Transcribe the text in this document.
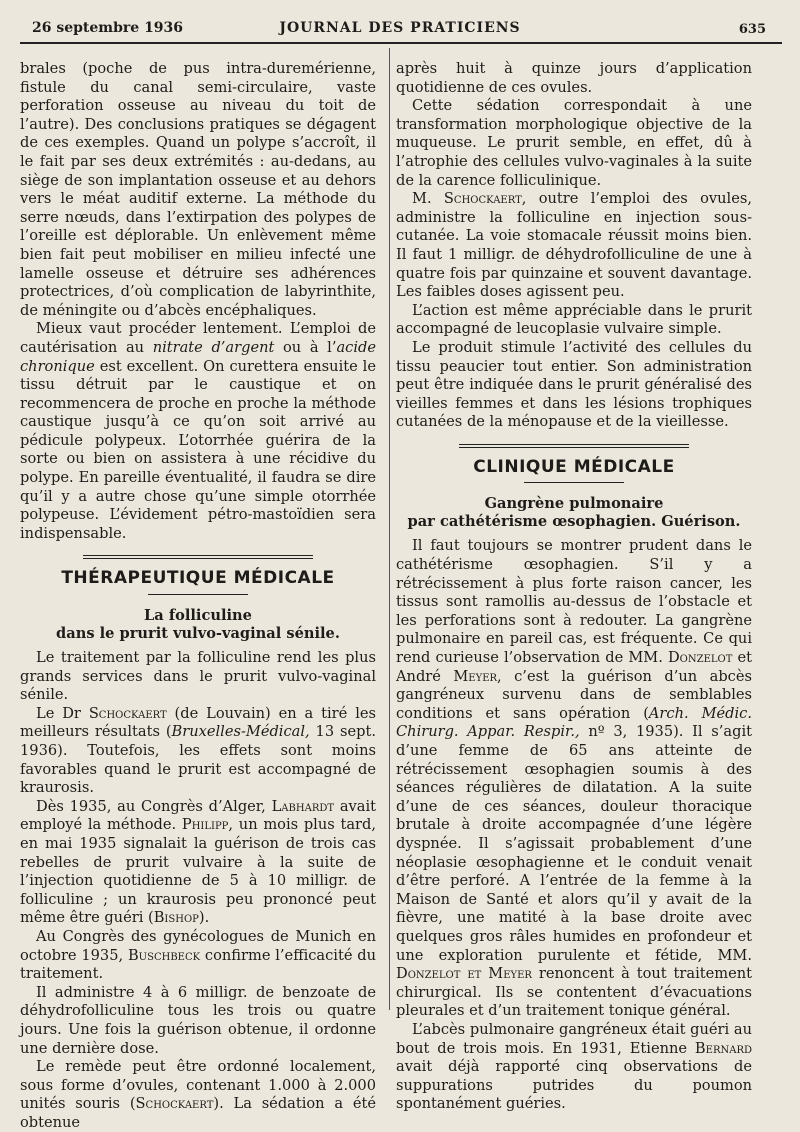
26 septembre 1936	JOURNAL DES PRATICIENS	635

brales (poche de pus intra-duremérienne, fistule du canal semi-circulaire, vaste perforation osseuse au niveau du toit de l’autre). Des conclusions pratiques se dégagent de ces exemples. Quand un polype s’accroît, il le fait par ses deux extrémités : au-dedans, au siège de son implantation osseuse et au dehors vers le méat auditif externe. La méthode du serre nœuds, dans l’extirpation des polypes de l’oreille est déplorable. Un enlèvement même bien fait peut mobiliser en milieu infecté une lamelle osseuse et détruire ses adhérences protectrices, d’où complication de labyrinthite, de méningite ou d’abcès encéphaliques.

Mieux vaut procéder lentement. L’emploi de cautérisation au nitrate d’argent ou à l’acide chronique est excellent. On curettera ensuite le tissu détruit par le caustique et on recommencera de proche en proche la méthode caustique jusqu’à ce qu’on soit arrivé au pédicule polypeux. L’otorrhée guérira de la sorte ou bien on assistera à une récidive du polype. En pareille éventualité, il faudra se dire qu’il y a autre chose qu’une simple otorrhée polypeuse. L’évidement pétro-mastoïdien sera indispensable.

THÉRAPEUTIQUE MÉDICALE
La folliculine
dans le prurit vulvo-vaginal sénile.

Le traitement par la folliculine rend les plus grands services dans le prurit vulvo-vaginal sénile.

Le Dr Schockaert (de Louvain) en a tiré les meilleurs résultats (Bruxelles-Médical, 13 sept. 1936). Toutefois, les effets sont moins favorables quand le prurit est accompagné de kraurosis.

Dès 1935, au Congrès d’Alger, Labhardt avait employé la méthode. Philipp, un mois plus tard, en mai 1935 signalait la guérison de trois cas rebelles de prurit vulvaire à la suite de l’injection quotidienne de 5 à 10 milligr. de folliculine ; un kraurosis peu prononcé peut même être guéri (Bishop).

Au Congrès des gynécologues de Munich en octobre 1935, Buschbeck confirme l’efficacité du traitement.

Il administre 4 à 6 milligr. de benzoate de déhydrofolliculine tous les trois ou quatre jours. Une fois la guérison obtenue, il ordonne une dernière dose.

Le remède peut être ordonné localement, sous forme d’ovules, contenant 1.000 à 2.000 unités souris (Schockaert). La sédation a été obtenue

après huit à quinze jours d’application quotidienne de ces ovules.

Cette sédation correspondait à une transformation morphologique objective de la muqueuse. Le prurit semble, en effet, dû à l’atrophie des cellules vulvo-vaginales à la suite de la carence folliculinique.

M. Schockaert, outre l’emploi des ovules, administre la folliculine en injection sous-cutanée. La voie stomacale réussit moins bien. Il faut 1 milligr. de déhydrofolliculine de une à quatre fois par quinzaine et souvent davantage. Les faibles doses agissent peu.

L’action est même appréciable dans le prurit accompagné de leucoplasie vulvaire simple.

Le produit stimule l’activité des cellules du tissu peaucier tout entier. Son administration peut être indiquée dans le prurit généralisé des vieilles femmes et dans les lésions trophiques cutanées de la ménopause et de la vieillesse.

CLINIQUE MÉDICALE
Gangrène pulmonaire
par cathétérisme œsophagien. Guérison.

Il faut toujours se montrer prudent dans le cathétérisme œsophagien. S’il y a rétrécissement à plus forte raison cancer, les tissus sont ramollis au-dessus de l’obstacle et les perforations sont à redouter. La gangrène pulmonaire en pareil cas, est fréquente. Ce qui rend curieuse l’observation de MM. Donzelot et André Meyer, c’est la guérison d’un abcès gangréneux survenu dans de semblables conditions et sans opération (Arch. Médic. Chirurg. Appar. Respir., nº 3, 1935). Il s’agit d’une femme de 65 ans atteinte de rétrécissement œsophagien soumis à des séances régulières de dilatation. A la suite d’une de ces séances, douleur thoracique brutale à droite accompagnée d’une légère dyspnée. Il s’agissait probablement d’une néoplasie œsophagienne et le conduit venait d’être perforé. A l’entrée de la femme à la Maison de Santé et alors qu’il y avait de la fièvre, une matité à la base droite avec quelques gros râles humides en profondeur et une exploration purulente et fétide, MM. Donzelot et Meyer renoncent à tout traitement chirurgical. Ils se contentent d’évacuations pleurales et d’un traitement tonique général.

L’abcès pulmonaire gangréneux était guéri au bout de trois mois. En 1931, Etienne Bernard avait déjà rapporté cinq observations de suppurations putrides du poumon spontanément guéries.
